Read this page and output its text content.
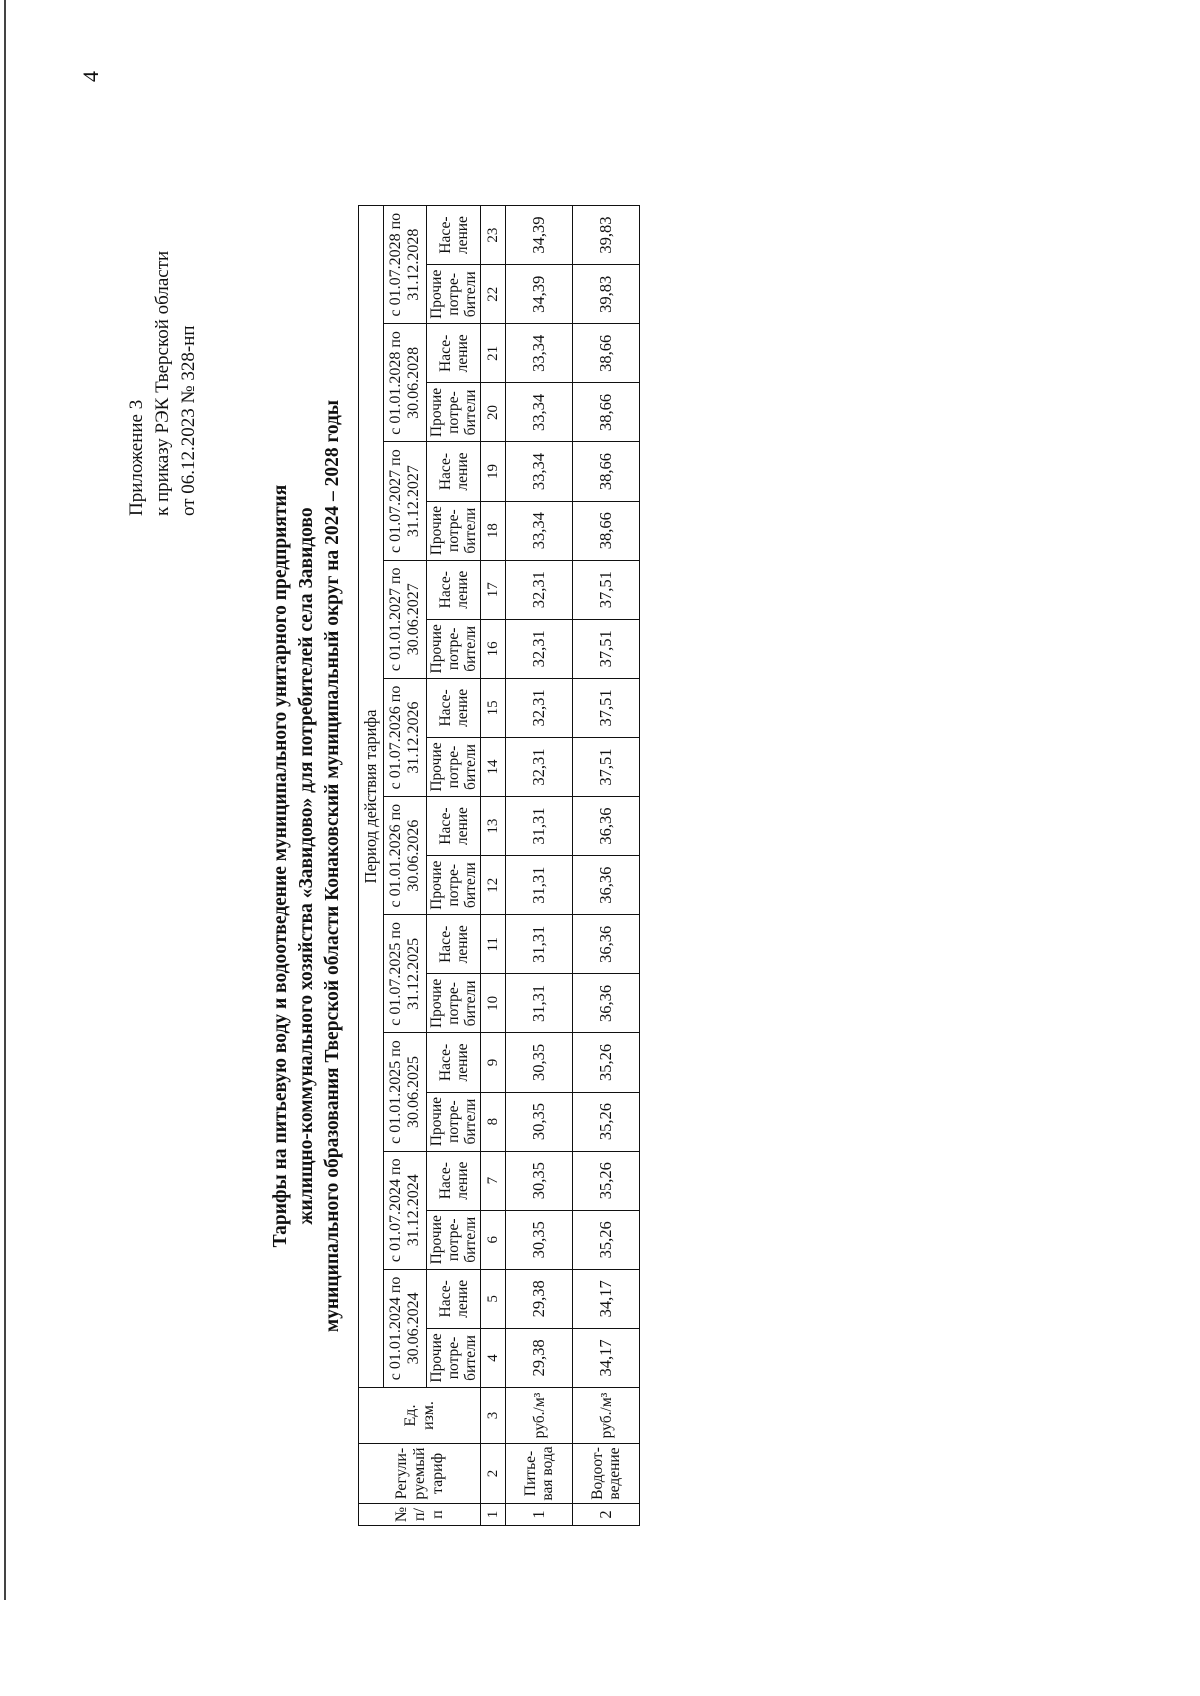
4
Приложение 3 к приказу РЭК Тверской области от 06.12.2023 № 328-нп
Тарифы на питьевую воду и водоотведение муниципального унитарного предприятия жилищно-коммунального хозяйства «Завидово» для потребителей села Завидово муниципального образования Тверской области Конаковский муниципальный округ на 2024 – 2028 годы
№ п/п	Регули-руемый тариф	Ед. изм.	Период действия тарифа																			
			с 01.01.2024 по 30.06.2024		с 01.07.2024 по 31.12.2024		с 01.01.2025 по 30.06.2025		с 01.07.2025 по 31.12.2025		с 01.01.2026 по 30.06.2026		с 01.07.2026 по 31.12.2026		с 01.01.2027 по 30.06.2027		с 01.07.2027 по 31.12.2027		с 01.01.2028 по 30.06.2028		с 01.07.2028 по 31.12.2028	
			Прочие потре-бители	Насе-ление	Прочие потре-бители	Насе-ление	Прочие потре-бители	Насе-ление	Прочие потре-бители	Насе-ление	Прочие потре-бители	Насе-ление	Прочие потре-бители	Насе-ление	Прочие потре-бители	Насе-ление	Прочие потре-бители	Насе-ление	Прочие потре-бители	Насе-ление	Прочие потре-бители	Насе-ление
1	2	3	4	5	6	7	8	9	10	11	12	13	14	15	16	17	18	19	20	21	22	23
1	Питье-вая вода	руб./м³	29,38	29,38	30,35	30,35	30,35	30,35	31,31	31,31	31,31	31,31	32,31	32,31	32,31	32,31	33,34	33,34	33,34	33,34	34,39	34,39
2	Водоот-ведение	руб./м³	34,17	34,17	35,26	35,26	35,26	35,26	36,36	36,36	36,36	36,36	37,51	37,51	37,51	37,51	38,66	38,66	38,66	38,66	39,83	39,83
